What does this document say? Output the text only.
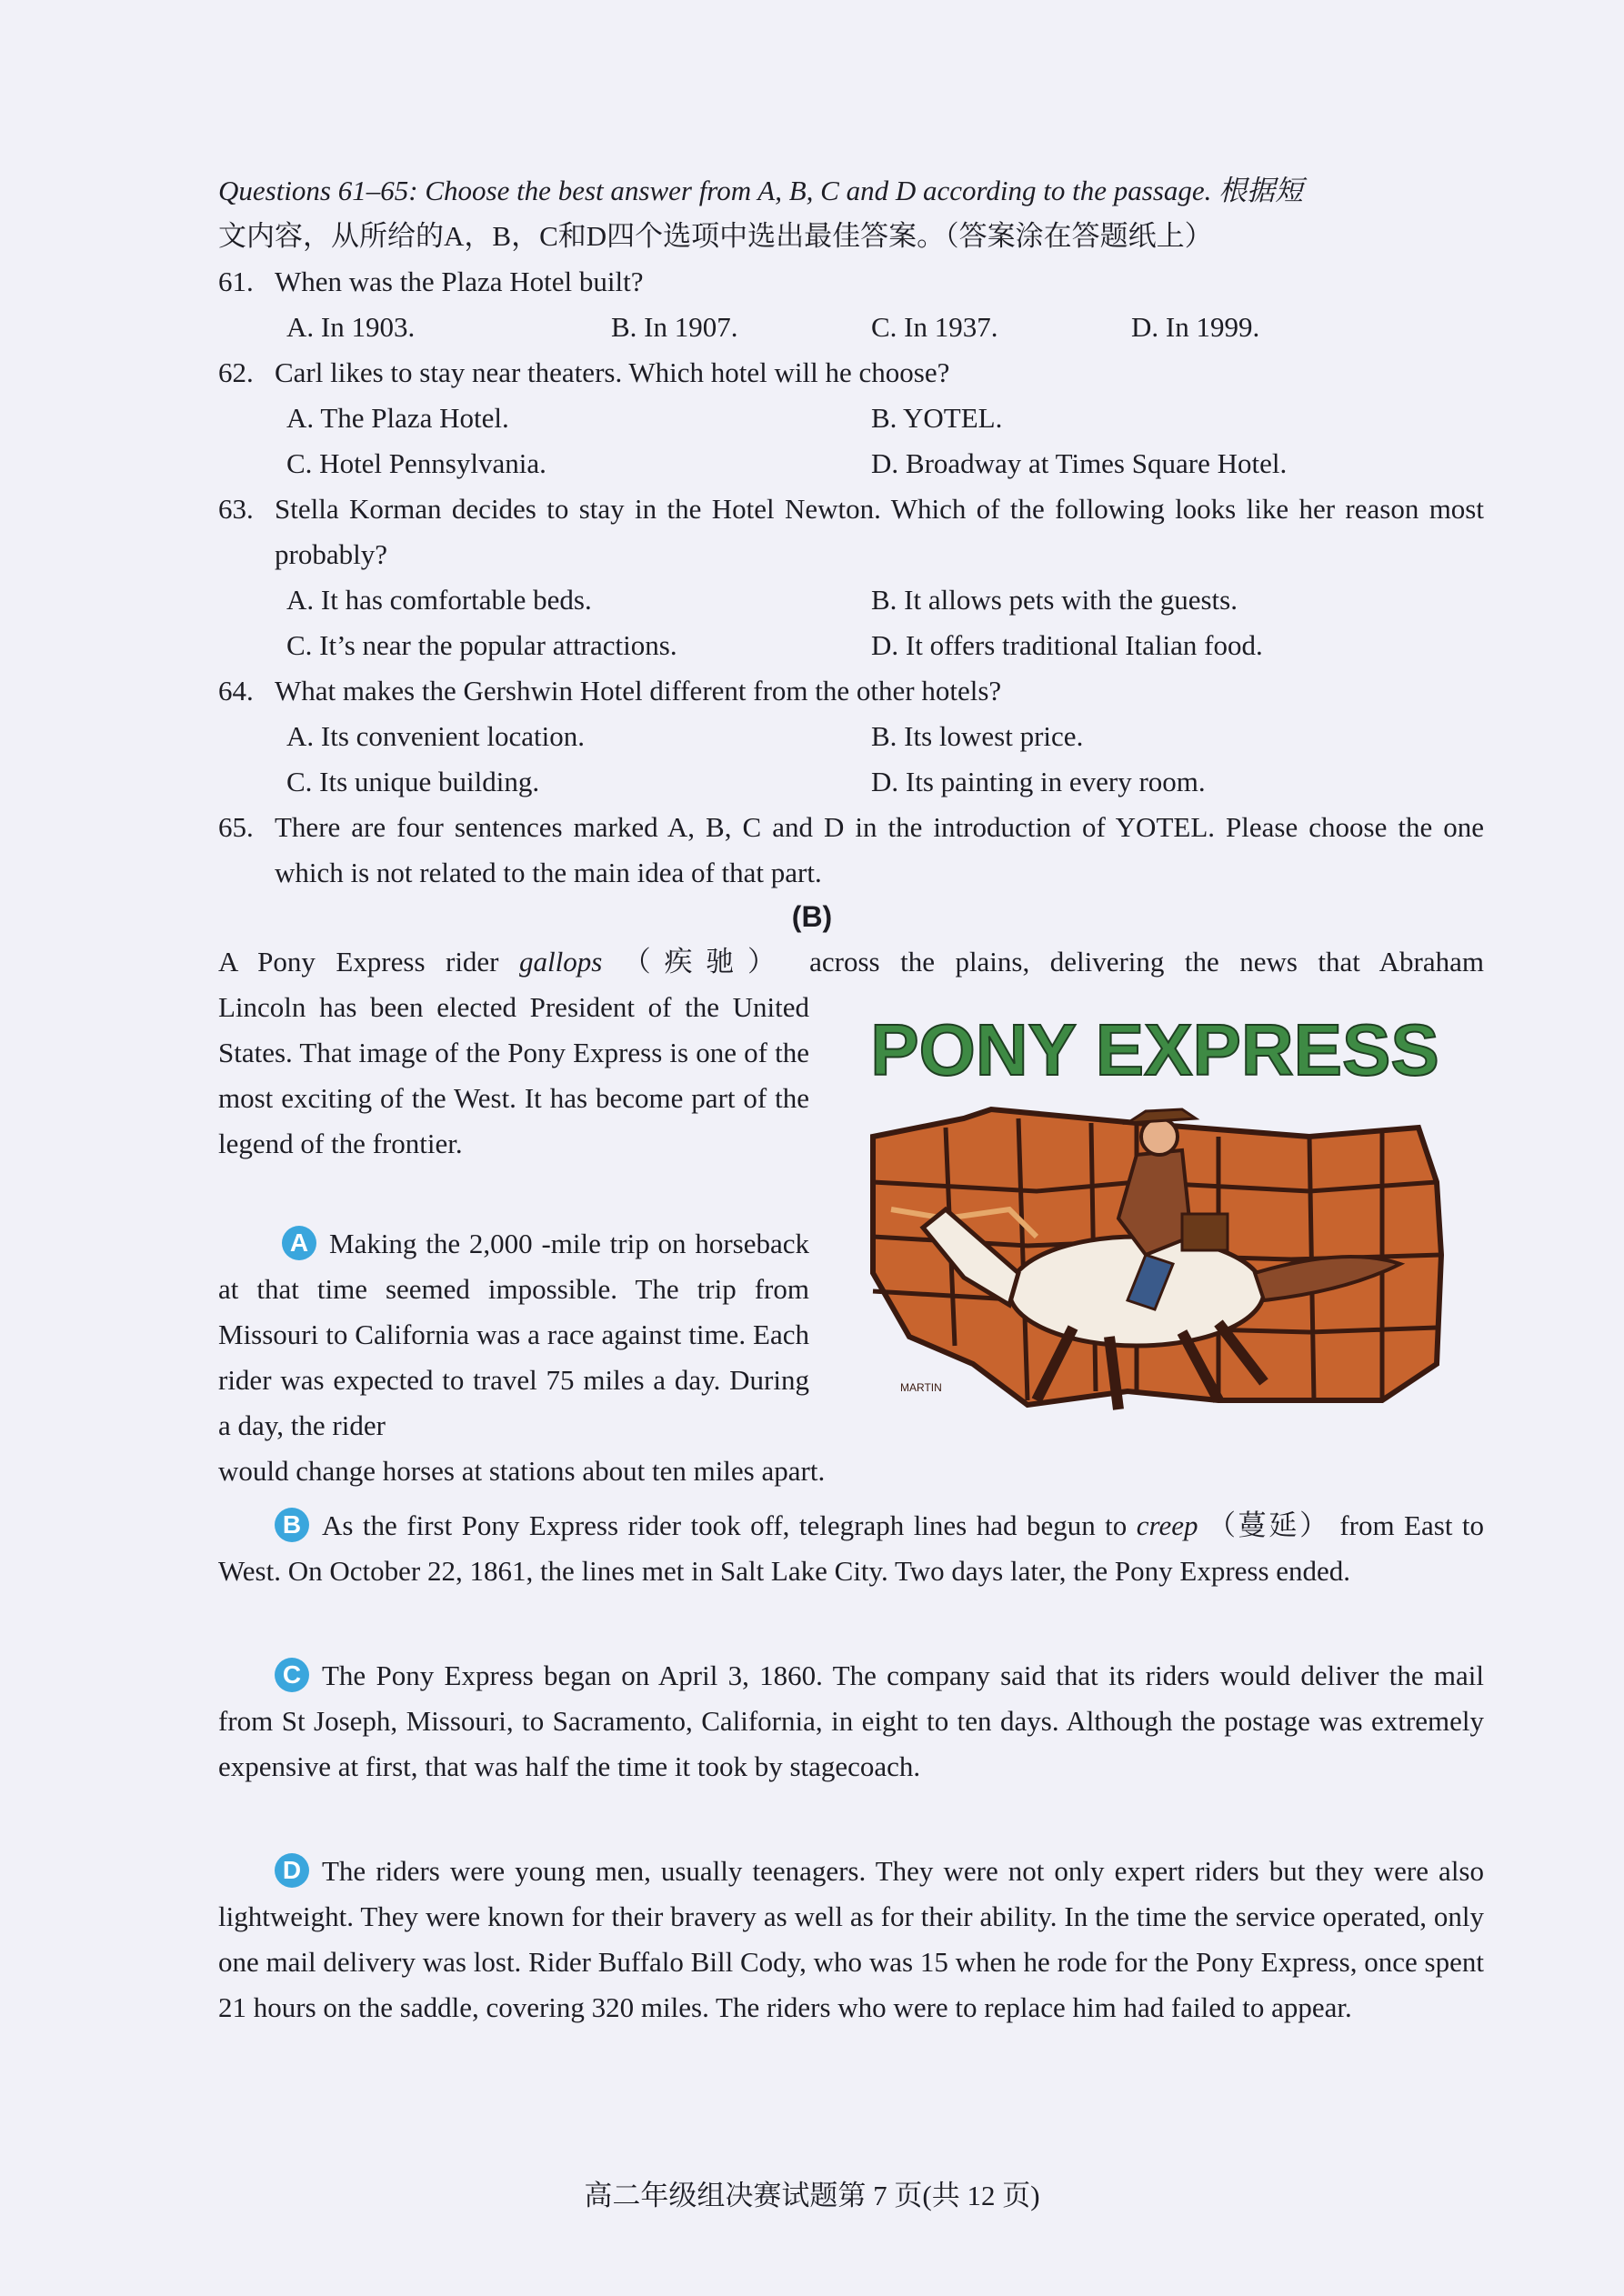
Questions 61–65: Choose the best answer from A, B, C and D according to the passage. 根据短
文内容，从所给的A，B，C和D四个选项中选出最佳答案。（答案涂在答题纸上）
61. When was the Plaza Hotel built?
A. In 1903.	B. In 1907.	C. In 1937.	D. In 1999.
62. Carl likes to stay near theaters. Which hotel will he choose?
A. The Plaza Hotel.	B. YOTEL.
C. Hotel Pennsylvania.	D. Broadway at Times Square Hotel.
63. Stella Korman decides to stay in the Hotel Newton. Which of the following looks like her reason most probably?
A. It has comfortable beds.	B. It allows pets with the guests.
C. It’s near the popular attractions.	D. It offers traditional Italian food.
64. What makes the Gershwin Hotel different from the other hotels?
A. Its convenient location.	B. Its lowest price.
C. Its unique building.	D. Its painting in every room.
65. There are four sentences marked A, B, C and D in the introduction of YOTEL. Please choose the one which is not related to the main idea of that part.
(B)
A Pony Express rider gallops （疾驰） across the plains, delivering the news that Abraham

Lincoln has been elected President of the United States. That image of the Pony Express is one of the most exciting of the West. It has become part of the legend of the frontier.

A Making the 2,000 -mile trip on horseback at that time seemed impossible. The trip from Missouri to California was a race against time. Each rider was expected to travel 75 miles a day. During a day, the rider

would change horses at stations about ten miles apart.

B As the first Pony Express rider took off, telegraph lines had begun to creep （蔓延） from East to West. On October 22, 1861, the lines met in Salt Lake City. Two days later, the Pony Express ended.

C The Pony Express began on April 3, 1860. The company said that its riders would deliver the mail from St Joseph, Missouri, to Sacramento, California, in eight to ten days. Although the postage was extremely expensive at first, that was half the time it took by stagecoach.

D The riders were young men, usually teenagers. They were not only expert riders but they were also lightweight. They were known for their bravery as well as for their ability. In the time the service operated, only one mail delivery was lost. Rider Buffalo Bill Cody, who was 15 when he rode for the Pony Express, once spent 21 hours on the saddle, covering 320 miles. The riders who were to replace him had failed to appear.

PONY EXPRESS
MARTIN
高二年级组决赛试题第 7 页(共 12 页)
